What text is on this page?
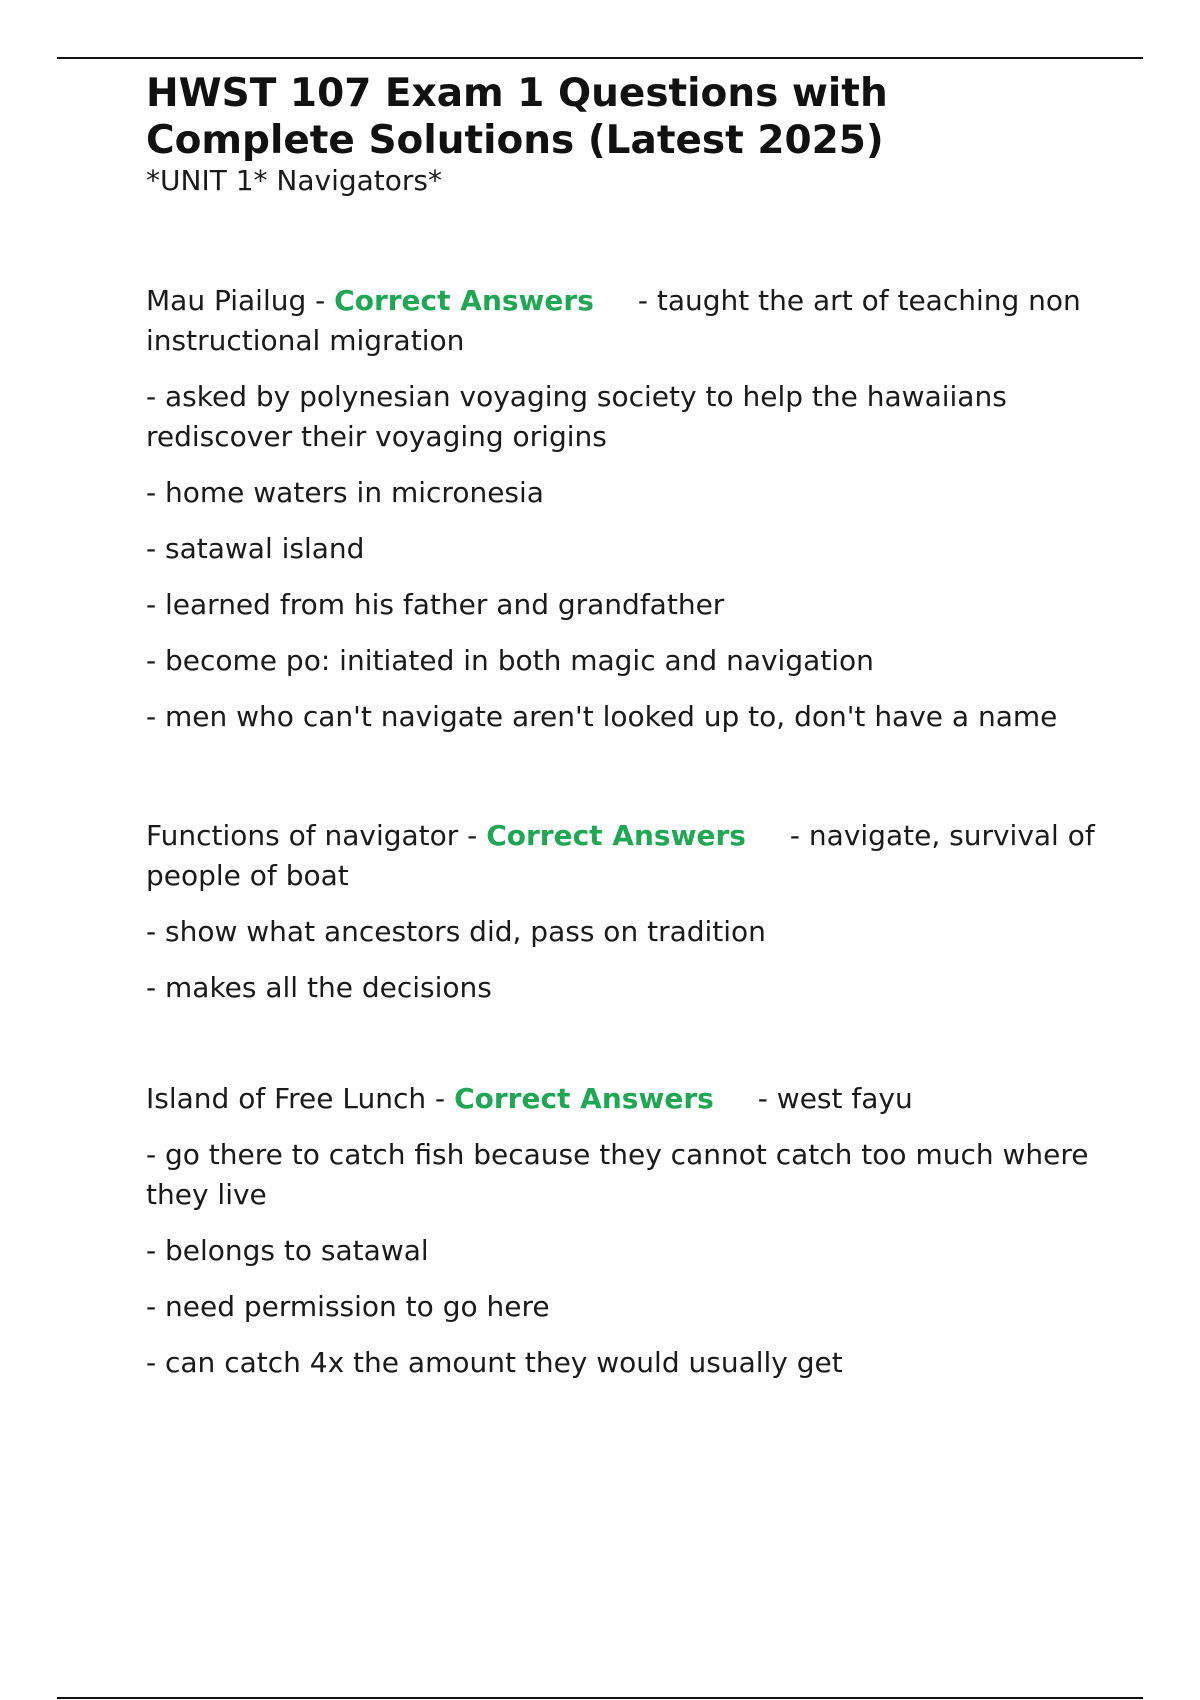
HWST 107 Exam 1 Questions with
Complete Solutions (Latest 2025)
*UNIT 1* Navigators*

Mau Piailug - Correct Answers - taught the art of teaching non instructional migration

- asked by polynesian voyaging society to help the hawaiians rediscover their voyaging origins

- home waters in micronesia

- satawal island

- learned from his father and grandfather

- become po: initiated in both magic and navigation

- men who can't navigate aren't looked up to, don't have a name

Functions of navigator - Correct Answers - navigate, survival of people of boat

- show what ancestors did, pass on tradition

- makes all the decisions

Island of Free Lunch - Correct Answers - west fayu

- go there to catch fish because they cannot catch too much where they live

- belongs to satawal

- need permission to go here

- can catch 4x the amount they would usually get
